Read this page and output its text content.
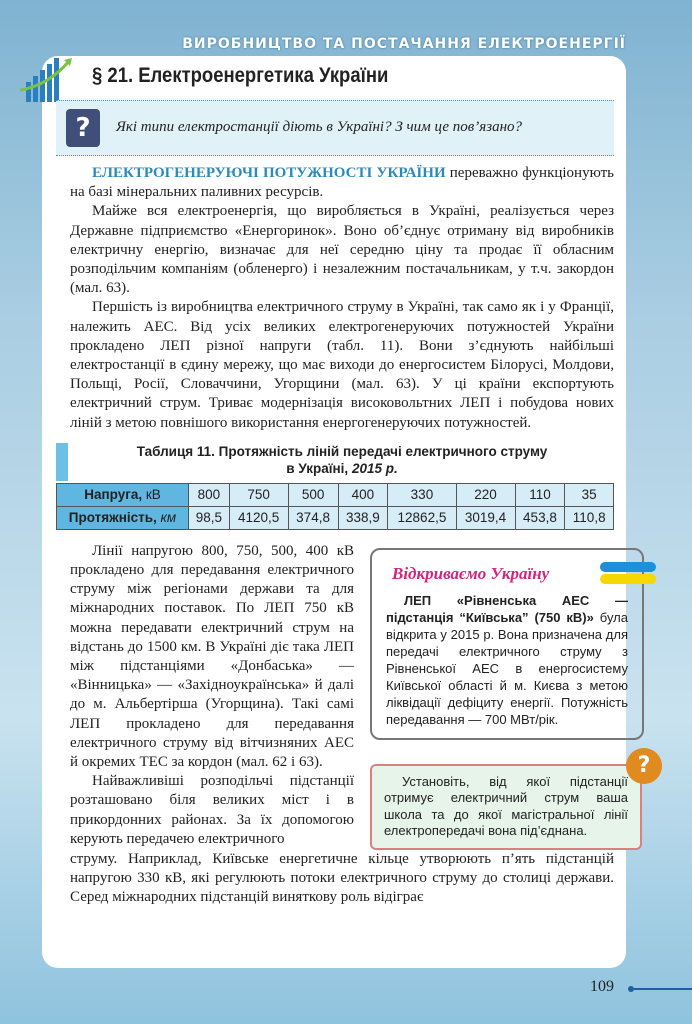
ВИРОБНИЦТВО ТА ПОСТАЧАННЯ ЕЛЕКТРОЕНЕРГІЇ
§ 21. Електроенергетика України
?	Які типи електростанції діють в Україні? З чим це пов’язано?
ЕЛЕКТРОГЕНЕРУЮЧІ ПОТУЖНОСТІ УКРАЇНИ переважно функціонують на базі мінеральних паливних ресурсів.
Майже вся електроенергія, що виробляється в Україні, реалізується через Державне підприємство «Енергоринок». Воно об’єднує отриману від виробників електричну енергію, визначає для неї середню ціну та продає її обласним розподільчим компаніям (обленерго) і незалежним постачальникам, у т.ч. закордон (мал. 63).
Першість із виробництва електричного струму в Україні, так само як і у Франції, належить АЕС. Від усіх великих електрогенеруючих потужностей України прокладено ЛЕП різної напруги (табл. 11). Вони з’єднують найбільші електростанції в єдину мережу, що має виходи до енергосистем Білорусі, Молдови, Польщі, Росії, Словаччини, Угорщини (мал. 63). У ці країни експортують електричний струм. Триває модернізація високовольтних ЛЕП і побудова нових ліній з метою повнішого використання енергогенеруючих потужностей.
Таблиця 11. Протяжність ліній передачі електричного струму
в Україні, 2015 р.
Напруга, кВ	800	750	500	400	330	220	110	35
Протяжність, км	98,5	4120,5	374,8	338,9	12862,5	3019,4	453,8	110,8
Лінії напругою 800, 750, 500, 400 кВ прокладено для передавання електричного струму між регіонами держави та для міжнародних поставок. По ЛЕП 750 кВ можна передавати електричний струм на відстань до 1500 км. В Україні діє така ЛЕП між підстанціями «Донбаська» — «Вінницька» — «Західноукраїнська» й далі до м. Альбертірша (Угорщина). Такі самі ЛЕП прокладено для передавання електричного струму від вітчизняних АЕС й окремих ТЕС за кордон (мал. 62 і 63).
Найважливіші розподільчі підстанції розташовано біля великих міст і в прикордонних районах. За їх допомогою керують передачею електричного
Відкриваємо Україну
ЛЕП «Рівненська АЕС — підстанція “Київська” (750 кВ)» була відкрита у 2015 р. Вона призначена для передачі електричного струму з Рівненської АЕС в енергосистему Київської області й м. Києва з метою ліквідації дефіциту енергії. Потужність передавання — 700 МВт/рік.
Установіть, від якої підстанції отримує електричний струм ваша школа та до якої магістральної лінії електропередачі вона під’єднана.
?
струму. Наприклад, Київське енергетичне кільце утворюють п’ять підстанцій напругою 330 кВ, які регулюють потоки електричного струму до столиці держави. Серед міжнародних підстанцій виняткову роль відіграє
109
